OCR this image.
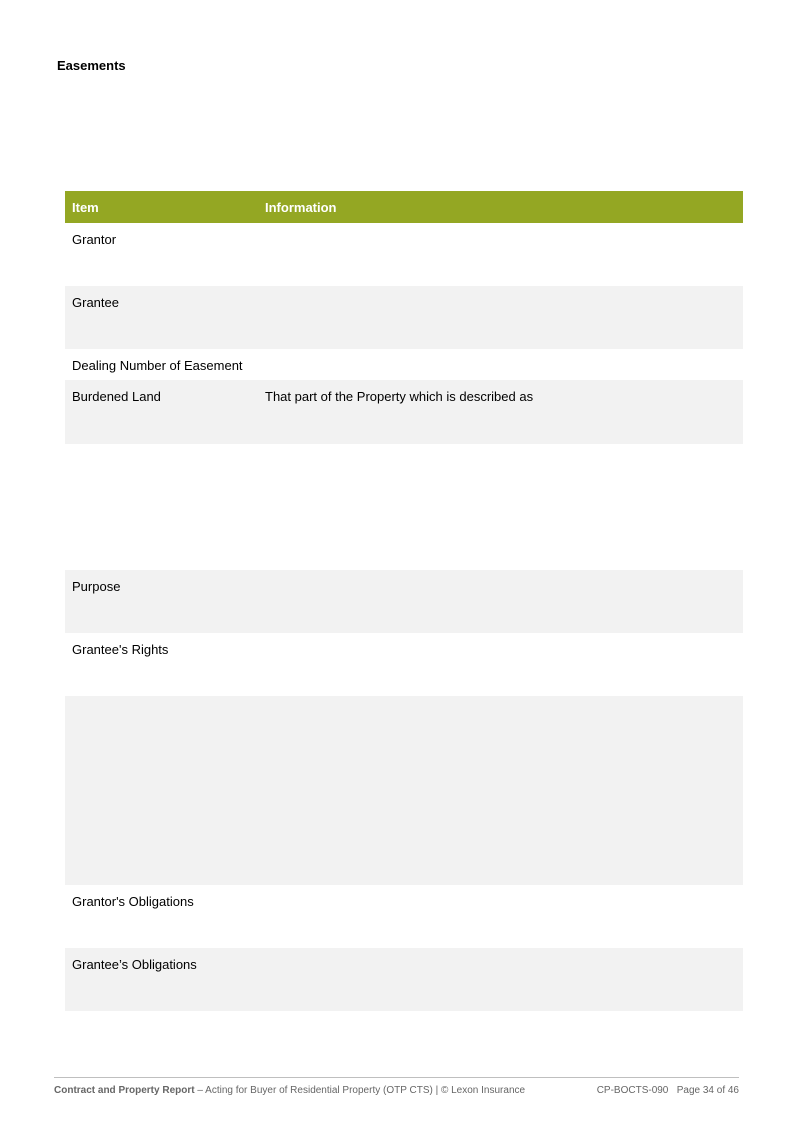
Easements
Item	Information
Grantor
Grantee
Dealing Number of Easement
Burdened Land	That part of the Property which is described as
Purpose
Grantee's Rights
Grantor's Obligations
Grantee’s Obligations
Contract and Property Report – Acting for Buyer of Residential Property (OTP CTS) | © Lexon Insurance	CP-BOCTS-090 Page 34 of 46
